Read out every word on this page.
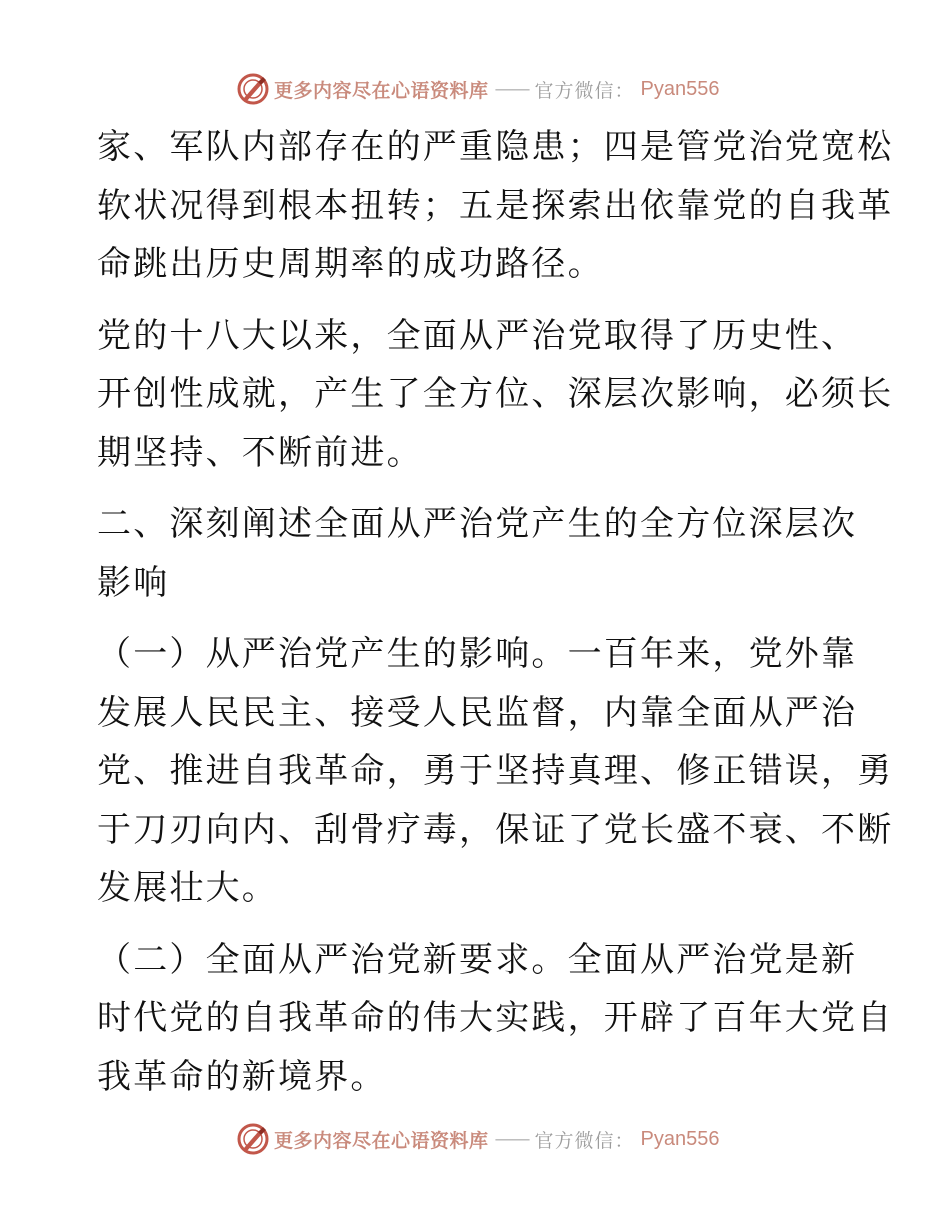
更多内容尽在心语资料库 —— 官方微信： Pyan556

家、军队内部存在的严重隐患；四是管党治党宽松
软状况得到根本扭转；五是探索出依靠党的自我革
命跳出历史周期率的成功路径。

党的十八大以来，全面从严治党取得了历史性、
开创性成就，产生了全方位、深层次影响，必须长
期坚持、不断前进。

二、深刻阐述全面从严治党产生的全方位深层次
影响

（一）从严治党产生的影响。一百年来，党外靠
发展人民民主、接受人民监督，内靠全面从严治
党、推进自我革命，勇于坚持真理、修正错误，勇
于刀刃向内、刮骨疗毒，保证了党长盛不衰、不断
发展壮大。

（二）全面从严治党新要求。全面从严治党是新
时代党的自我革命的伟大实践，开辟了百年大党自
我革命的新境界。

更多内容尽在心语资料库 —— 官方微信： Pyan556
